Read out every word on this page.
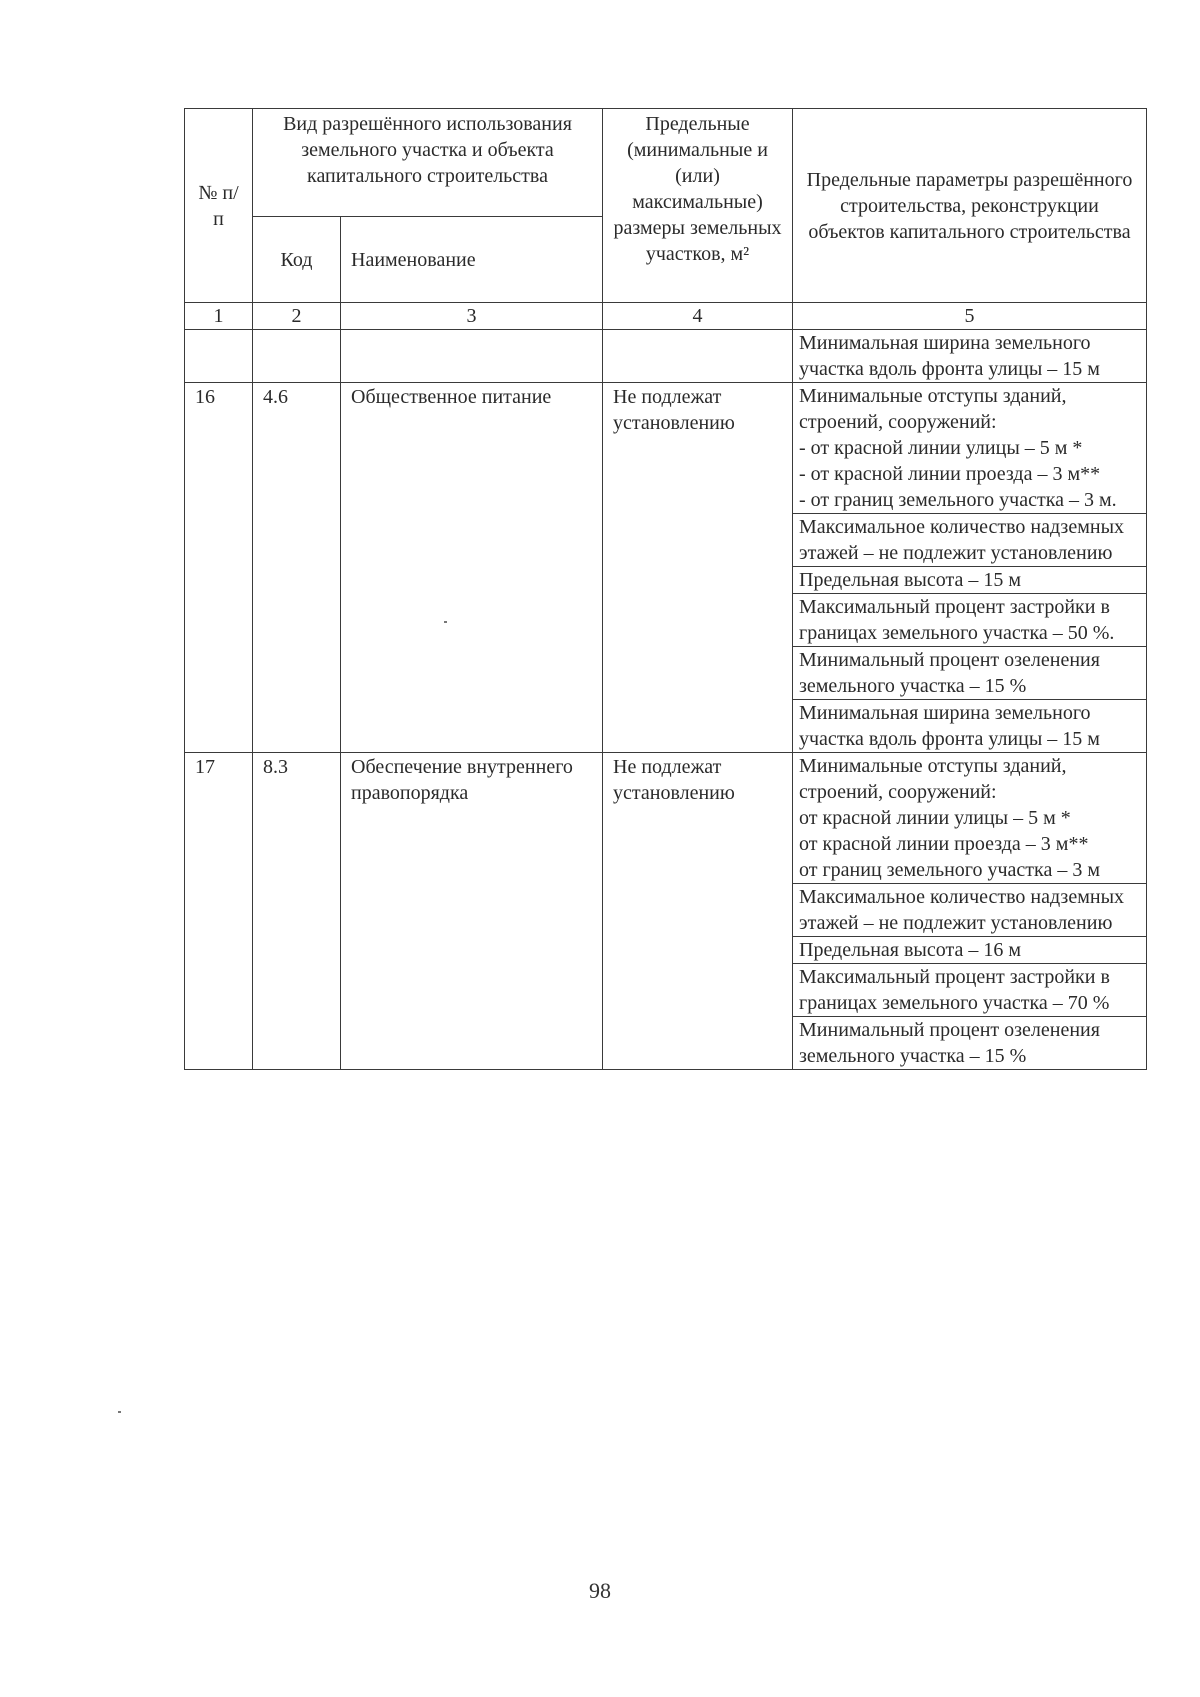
№ п/п	Вид разрешённого использования земельного участка и объекта капитального строительства		Предельные (минимальные и (или) максимальные) размеры земельных участков, м²	Предельные параметры разрешённого строительства, реконструкции объектов капитального строительства
	Код	Наименование		
1	2	3	4	5
				Минимальная ширина земельного участка вдоль фронта улицы – 15 м
16	4.6	Общественное питание	Не подлежат установлению	Минимальные отступы зданий, строений, сооружений:
- от красной линии улицы – 5 м *
- от красной линии проезда – 3 м**
- от границ земельного участка – 3 м.

				Максимальное количество надземных этажей – не подлежит установлению

				Предельная высота – 15 м

				Максимальный процент застройки в границах земельного участка – 50 %.

				Минимальный процент озеленения земельного участка – 15 %

				Минимальная ширина земельного участка вдоль фронта улицы – 15 м

17	8.3	Обеспечение внутреннего правопорядка	Не подлежат установлению	Минимальные отступы зданий, строений, сооружений:
от красной линии улицы – 5 м *
от красной линии проезда – 3 м**
от границ земельного участка – 3 м

				Максимальное количество надземных этажей – не подлежит установлению

				Предельная высота – 16 м

				Максимальный процент застройки в границах земельного участка – 70 %

				Минимальный процент озеленения земельного участка – 15 %
98
